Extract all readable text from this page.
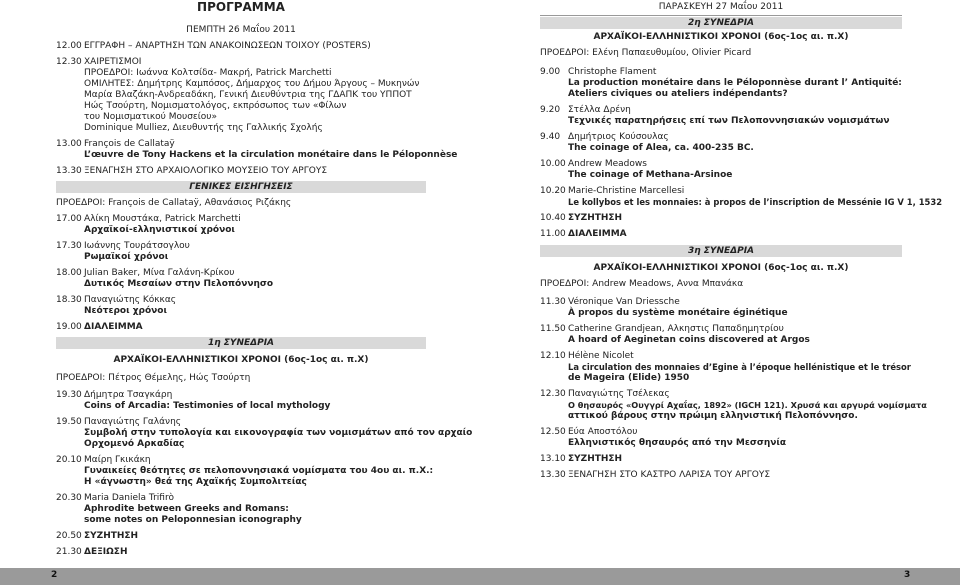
ΠΡΟΓΡΑΜΜΑ
ΠΕΜΠΤΗ 26 Μαΐου 2011
12.00 ΕΓΓΡΑΦΗ – ΑΝΑΡΤΗΣΗ ΤΩΝ ΑΝΑΚΟΙΝΩΣΕΩΝ ΤΟΙΧΟΥ (POSTERS)
12.30 ΧΑΙΡΕΤΙΣΜΟΙ
ΠΡΟΕΔΡΟΙ: Ιωάννα Κολτσίδα- Μακρή, Patrick Marchetti
ΟΜΙΛΗΤΕΣ: Δημήτρης Καμπόσος, Δήμαρχος του Δήμου Άργους – Μυκηνών
Μαρία Βλαζάκη-Ανδρεαδάκη, Γενική Διευθύντρια της ΓΔΑΠΚ του ΥΠΠΟΤ
Ηώς Τσούρτη, Νομισματολόγος, εκπρόσωπος των «Φίλων
του Νομισματικού Μουσείου»
Dominique Mulliez, Διευθυντής της Γαλλικής Σχολής
13.00 François de Callataÿ
L’œuvre de Tony Hackens et la circulation monétaire dans le Péloponnèse
13.30 ΞΕΝΑΓΗΣΗ ΣΤΟ ΑΡΧΑΙΟΛΟΓΙΚΟ ΜΟΥΣΕΙΟ ΤΟΥ ΑΡΓΟΥΣ
ΓΕΝΙΚΕΣ ΕΙΣΗΓΗΣΕΙΣ
ΠΡΟΕΔΡΟΙ: François de Callataÿ, Αθανάσιος Ριζάκης
17.00 Αλίκη Μουστάκα, Patrick Marchetti
Αρχαϊκοί-ελληνιστικοί χρόνοι
17.30 Ιωάννης Τουράτσογλου
Ρωμαϊκοί χρόνοι
18.00 Julian Baker, Μίνα Γαλάνη-Κρίκου
Δυτικός Μεσαίων στην Πελοπόννησο
18.30 Παναγιώτης Κόκκας
Νεότεροι χρόνοι
19.00 ΔΙΑΛΕΙΜΜΑ
1η ΣΥΝΕΔΡΙΑ
ΑΡΧΑΪΚΟΙ-ΕΛΛΗΝΙΣΤΙΚΟΙ ΧΡΟΝΟΙ (6ος-1ος αι. π.Χ)
ΠΡΟΕΔΡΟΙ: Πέτρος Θέμελης, Ηώς Τσούρτη
19.30 Δήμητρα Τσαγκάρη
Coins of Arcadia: Testimonies of local mythology
19.50 Παναγιώτης Γαλάνης
Συμβολή στην τυπολογία και εικονογραφία των νομισμάτων από τον αρχαίο
Ορχομενό Αρκαδίας
20.10 Μαίρη Γκικάκη
Γυναικείες θεότητες σε πελοποννησιακά νομίσματα του 4ου αι. π.Χ.:
Η «άγνωστη» θεά της Αχαϊκής Συμπολιτείας
20.30 Maria Daniela Trifirò
Aphrodite between Greeks and Romans:
some notes on Peloponnesian iconography
20.50 ΣΥΖΗΤΗΣΗ
21.30 ΔΕΞΙΩΣΗ
ΠΑΡΑΣΚΕΥΗ 27 Μαΐου 2011
2η ΣΥΝΕΔΡΙΑ
ΑΡΧΑΪΚΟΙ-ΕΛΛΗΝΙΣΤΙΚΟΙ ΧΡΟΝΟΙ (6ος-1ος αι. π.Χ)
ΠΡΟΕΔΡΟΙ: Ελένη Παπαευθυμίου, Olivier Picard
9.00 Christophe Flament
La production monétaire dans le Péloponnèse durant l’ Antiquité:
Ateliers civiques ou ateliers indépendants?
9.20 Στέλλα Δρένη
Τεχνικές παρατηρήσεις επί των Πελοποννησιακών νομισμάτων
9.40 Δημήτριος Κούσουλας
The coinage of Alea, ca. 400-235 BC.
10.00 Andrew Meadows
The coinage of Methana-Arsinoe
10.20 Marie-Christine Marcellesi
Le kollybos et les monnaies: à propos de l’inscription de Messénie IG V 1, 1532
10.40 ΣΥΖΗΤΗΣΗ
11.00 ΔΙΑΛΕΙΜΜΑ
3η ΣΥΝΕΔΡΙΑ
ΑΡΧΑΪΚΟΙ-ΕΛΛΗΝΙΣΤΙΚΟΙ ΧΡΟΝΟΙ (6ος-1ος αι. π.Χ)
ΠΡΟΕΔΡΟΙ: Andrew Meadows, Αννα Μπανάκα
11.30 Véronique Van Driessche
À propos du système monétaire éginétique
11.50 Catherine Grandjean, Αλκηστις Παπαδημητρίου
A hoard of Aeginetan coins discovered at Argos
12.10 Hélène Nicolet
La circulation des monnaies d’Egine à l’époque hellénistique et le trésor
de Mageira (Elide) 1950
12.30 Παναγιώτης Τσέλεκας
Ο θησαυρός «Ουγγρί Αχαΐας, 1892» (IGCH 121). Χρυσά και αργυρά νομίσματα
αττικού βάρους στην πρώιμη ελληνιστική Πελοπόννησο.
12.50 Εύα Αποστόλου
Ελληνιστικός θησαυρός από την Μεσσηνία
13.10 ΣΥΖΗΤΗΣΗ
13.30 ΞΕΝΑΓΗΣΗ ΣΤΟ ΚΑΣΤΡΟ ΛΑΡΙΣΑ ΤΟΥ ΑΡΓΟΥΣ
2	3
